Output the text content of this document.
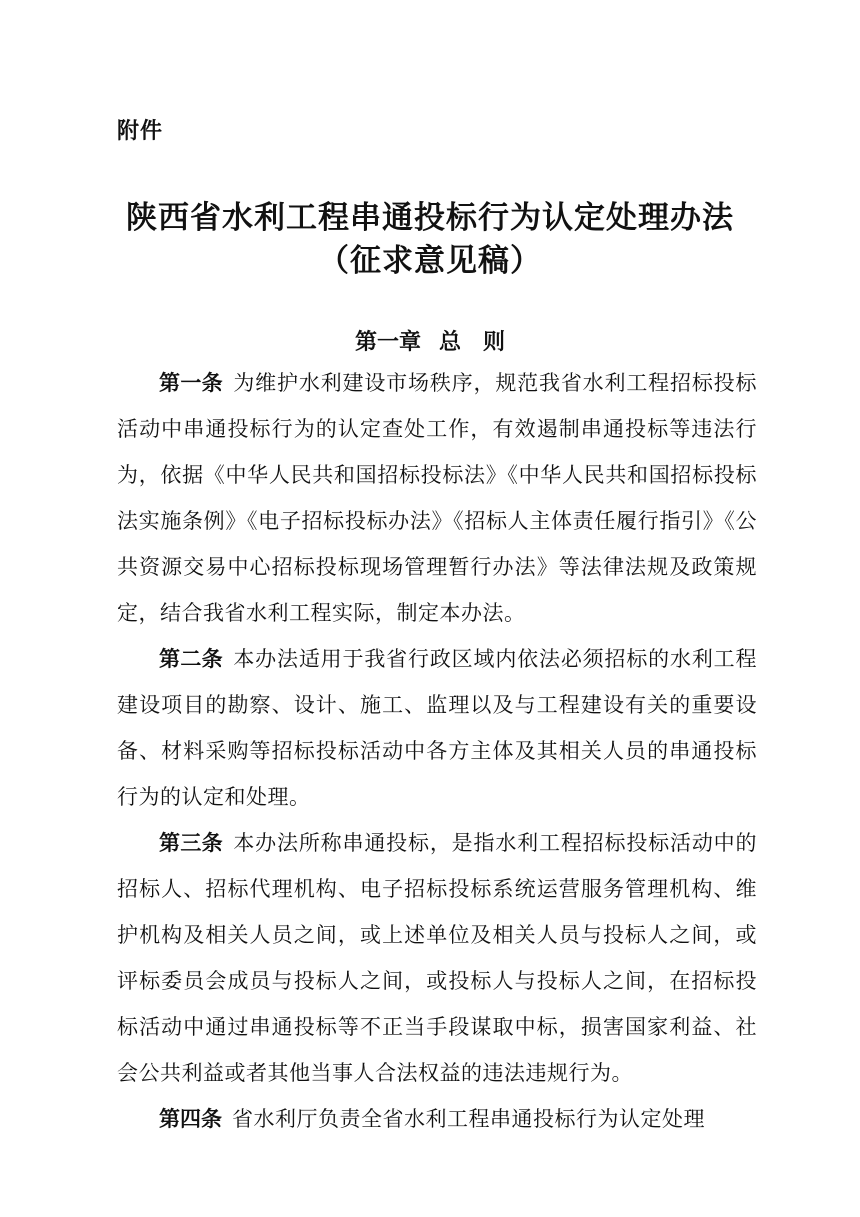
附件
陕西省水利工程串通投标行为认定处理办法
（征求意见稿）
第一章 总 则

第一条 为维护水利建设市场秩序，规范我省水利工程招标投标活动中串通投标行为的认定查处工作，有效遏制串通投标等违法行为，依据《中华人民共和国招标投标法》《中华人民共和国招标投标法实施条例》《电子招标投标办法》《招标人主体责任履行指引》《公共资源交易中心招标投标现场管理暂行办法》等法律法规及政策规定，结合我省水利工程实际，制定本办法。

第二条 本办法适用于我省行政区域内依法必须招标的水利工程建设项目的勘察、设计、施工、监理以及与工程建设有关的重要设备、材料采购等招标投标活动中各方主体及其相关人员的串通投标行为的认定和处理。

第三条 本办法所称串通投标，是指水利工程招标投标活动中的招标人、招标代理机构、电子招标投标系统运营服务管理机构、维护机构及相关人员之间，或上述单位及相关人员与投标人之间，或评标委员会成员与投标人之间，或投标人与投标人之间，在招标投标活动中通过串通投标等不正当手段谋取中标，损害国家利益、社会公共利益或者其他当事人合法权益的违法违规行为。

第四条 省水利厅负责全省水利工程串通投标行为认定处理
